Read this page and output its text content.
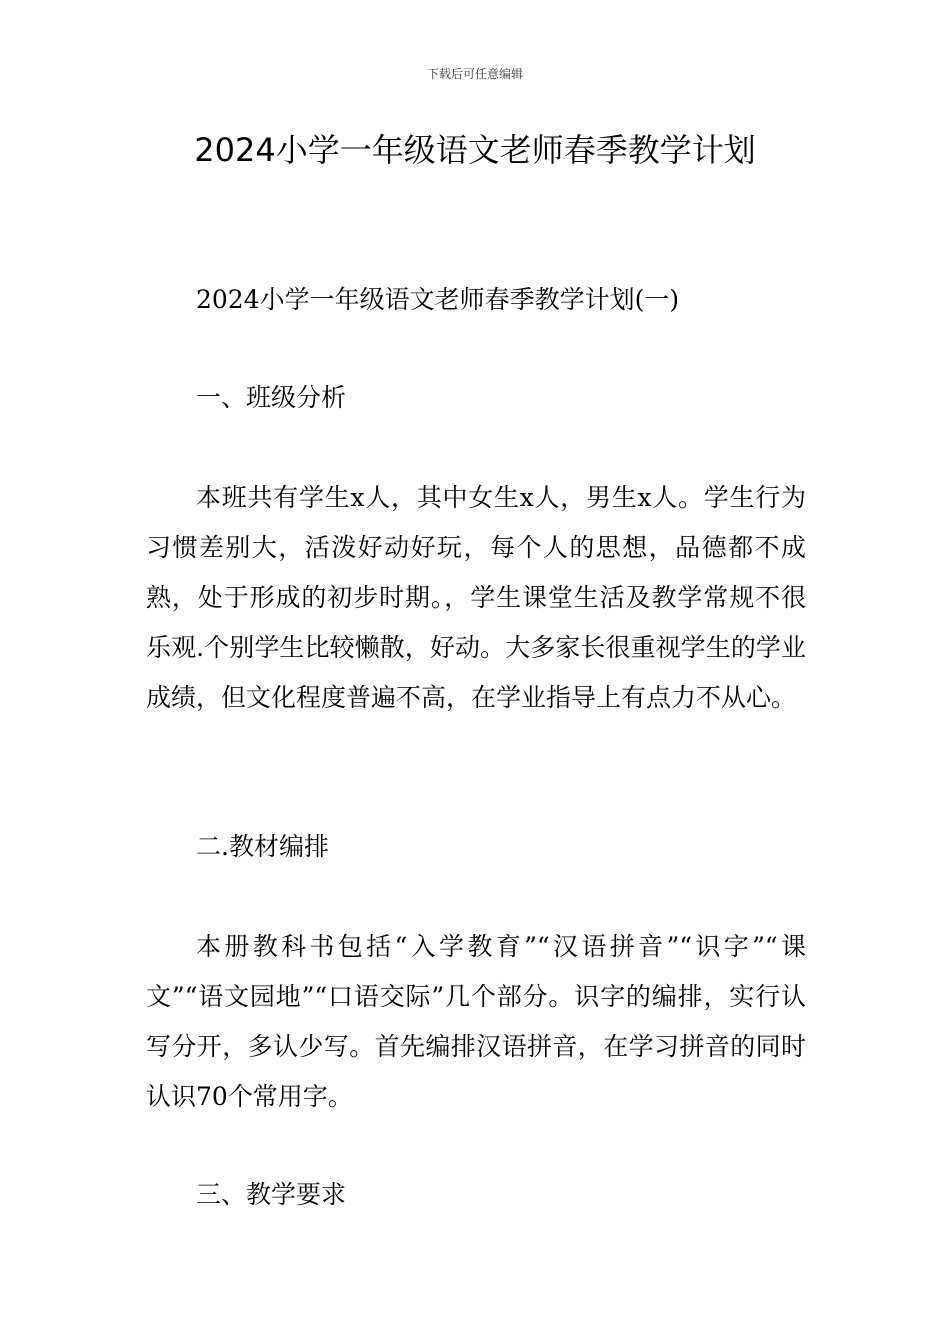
下载后可任意编辑
2024小学一年级语文老师春季教学计划
2024小学一年级语文老师春季教学计划(一)
一、班级分析

本班共有学生x人，其中女生x人，男生x人。学生行为习惯差别大，活泼好动好玩，每个人的思想，品德都不成熟，处于形成的初步时期。，学生课堂生活及教学常规不很乐观.个别学生比较懒散，好动。大多家长很重视学生的学业成绩，但文化程度普遍不高，在学业指导上有点力不从心。

二.教材编排

本册教科书包括“入学教育”“汉语拼音”“识字”“课文”“语文园地”“口语交际”几个部分。识字的编排，实行认写分开，多认少写。首先编排汉语拼音，在学习拼音的同时认识70个常用字。

三、教学要求
